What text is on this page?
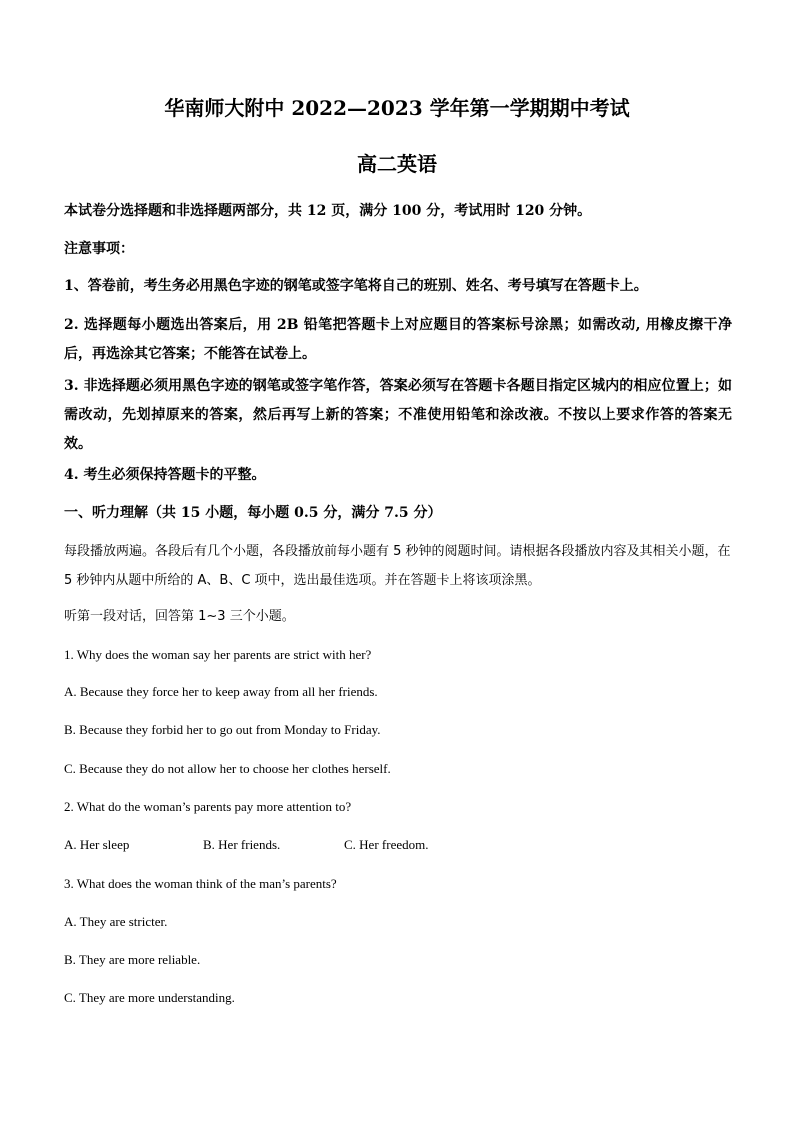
华南师大附中 2022—2023 学年第一学期期中考试
高二英语

本试卷分选择题和非选择题两部分，共 12 页，满分 100 分，考试用时 120 分钟。

注意事项：

1、答卷前，考生务必用黑色字迹的钢笔或签字笔将自己的班别、姓名、考号填写在答题卡上。

2. 选择题每小题选出答案后，用 2B 铅笔把答题卡上对应题目的答案标号涂黑；如需改动, 用橡皮擦干净后，再选涂其它答案；不能答在试卷上。

3. 非选择题必须用黑色字迹的钢笔或签字笔作答，答案必须写在答题卡各题目指定区城内的相应位置上；如需改动，先划掉原来的答案，然后再写上新的答案；不准使用铅笔和涂改液。不按以上要求作答的答案无效。

4. 考生必须保持答题卡的平整。

一、听力理解（共 15 小题，每小题 0.5 分，满分 7.5 分）

每段播放两遍。各段后有几个小题，各段播放前每小题有 5 秒钟的阅题时间。请根据各段播放内容及其相关小题，在 5 秒钟内从题中所给的 A、B、C 项中，选出最佳选项。并在答题卡上将该项涂黑。

听第一段对话，回答第 1~3 三个小题。

1. Why does the woman say her parents are strict with her?

A. Because they force her to keep away from all her friends.

B. Because they forbid her to go out from Monday to Friday.

C. Because they do not allow her to choose her clothes herself.

2. What do the woman’s parents pay more attention to?

A. Her sleep	B. Her friends.	C. Her freedom.

3. What does the woman think of the man’s parents?

A. They are stricter.

B. They are more reliable.

C. They are more understanding.
